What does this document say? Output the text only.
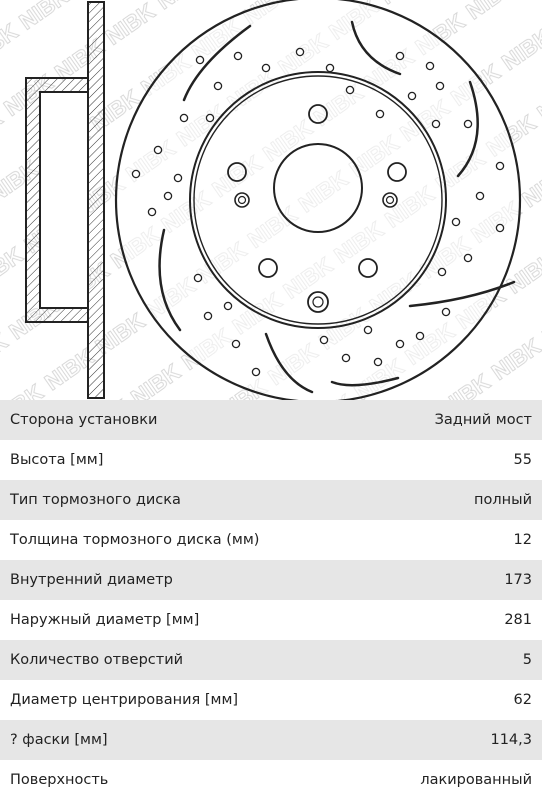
Сторона установки	Задний мост
Высота [мм]	55
Тип тормозного диска	полный
Толщина тормозного диска (мм)	12
Внутренний диаметр	173
Наружный диаметр [мм]	281
Количество отверстий	5
Диаметр центрирования [мм]	62
? фаски [мм]	114,3
Поверхность	лакированный
